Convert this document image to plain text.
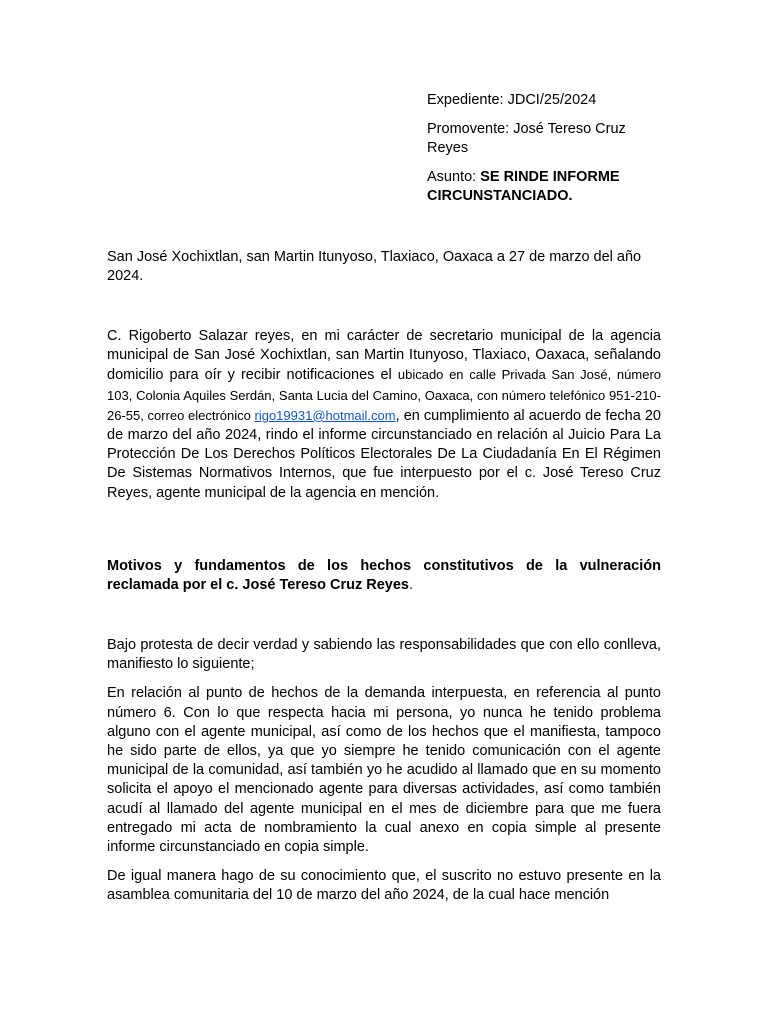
Expediente: JDCI/25/2024

Promovente: José Tereso Cruz Reyes

Asunto: SE RINDE INFORME CIRCUNSTANCIADO.

San José Xochixtlan, san Martin Itunyoso, Tlaxiaco, Oaxaca a 27 de marzo del año 2024.

C. Rigoberto Salazar reyes, en mi carácter de secretario municipal de la agencia municipal de San José Xochixtlan, san Martin Itunyoso, Tlaxiaco, Oaxaca, señalando domicilio para oír y recibir notificaciones el ubicado en calle Privada San José, número 103, Colonia Aquiles Serdán, Santa Lucia del Camino, Oaxaca, con número telefónico 951-210-26-55, correo electrónico rigo19931@hotmail.com, en cumplimiento al acuerdo de fecha 20 de marzo del año 2024, rindo el informe circunstanciado en relación al Juicio Para La Protección De Los Derechos Políticos Electorales De La Ciudadanía En El Régimen De Sistemas Normativos Internos, que fue interpuesto por el c. José Tereso Cruz Reyes, agente municipal de la agencia en mención.

Motivos y fundamentos de los hechos constitutivos de la vulneración reclamada por el c. José Tereso Cruz Reyes.

Bajo protesta de decir verdad y sabiendo las responsabilidades que con ello conlleva, manifiesto lo siguiente;

En relación al punto de hechos de la demanda interpuesta, en referencia al punto número 6. Con lo que respecta hacia mi persona, yo nunca he tenido problema alguno con el agente municipal, así como de los hechos que el manifiesta, tampoco he sido parte de ellos, ya que yo siempre he tenido comunicación con el agente municipal de la comunidad, así también yo he acudido al llamado que en su momento solicita el apoyo el mencionado agente para diversas actividades, así como también acudí al llamado del agente municipal en el mes de diciembre para que me fuera entregado mi acta de nombramiento la cual anexo en copia simple al presente informe circunstanciado en copia simple.

De igual manera hago de su conocimiento que, el suscrito no estuvo presente en la asamblea comunitaria del 10 de marzo del año 2024, de la cual hace mención
